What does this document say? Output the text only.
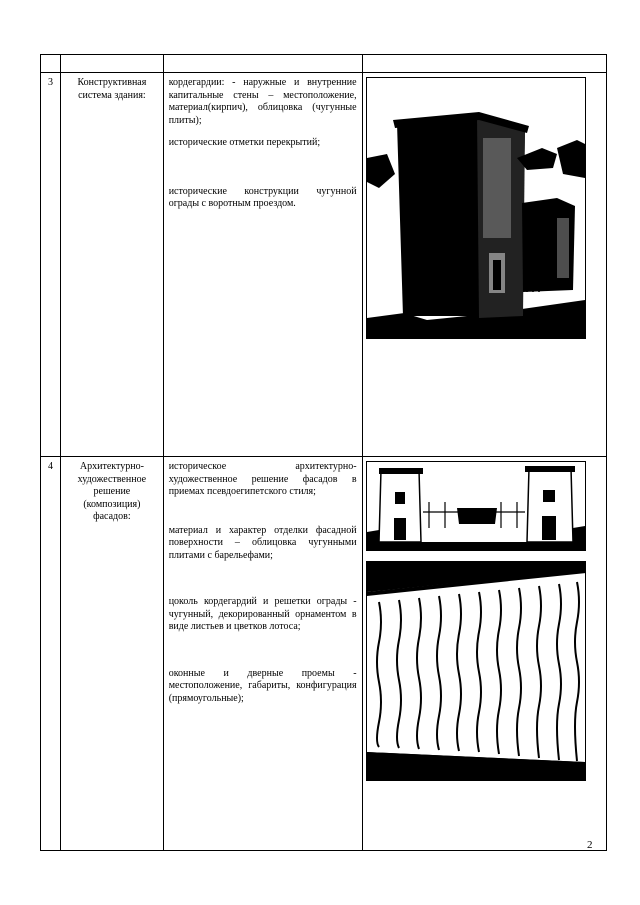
3	Конструктивная система здания:	кордегардии: - наружные и внутренние капитальные стены – местоположение, материал(кирпич), облицовка (чугунные плиты);

исторические отметки перекрытий;

исторические конструкции чугунной ограды с воротным проездом.

4	Архитектурно-художественное решение (композиция) фасадов:	историческое архитектурно-художественное решение фасадов в приемах псевдоегипетского стиля;

материал и характер отделки фасадной поверхности – облицовка чугунными плитами с барельефами;

цоколь кордегардий и решетки ограды - чугунный, декорированный орнаментом в виде листьев и цветков лотоса;

оконные и дверные проемы - местоположение, габариты, конфигурация (прямоугольные);

2
